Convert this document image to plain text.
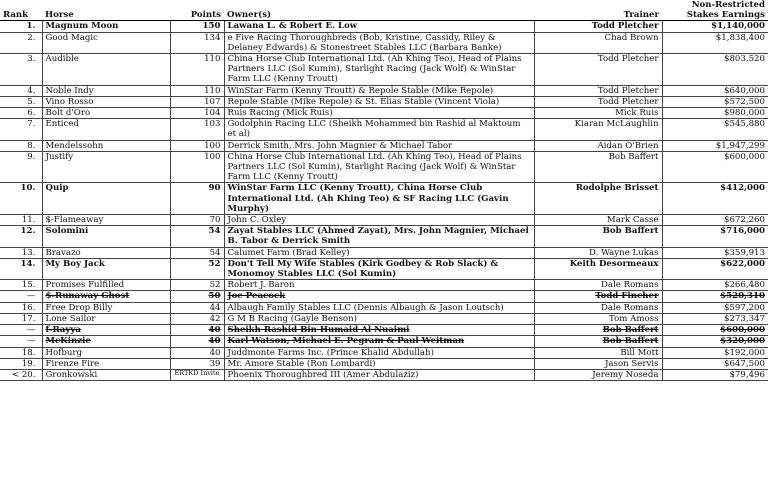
Rank	Horse	Points	Owner(s)	Trainer	Non-Restricted
Stakes Earnings

1.	Magnum Moon	150	Lawana L. & Robert E. Low	Todd Pletcher	$1,140,000
2.	Good Magic	134	e Five Racing Thoroughbreds (Bob, Kristine, Cassidy, Riley & Delaney Edwards) & Stonestreet Stables LLC (Barbara Banke)	Chad Brown	$1,838,400
3.	Audible	110	China Horse Club International Ltd. (Ah Khing Teo), Head of Plains Partners LLC (Sol Kumin), Starlight Racing (Jack Wolf) & WinStar Farm LLC (Kenny Troutt)	Todd Pletcher	$803,520
4.	Noble Indy	110	WinStar Farm (Kenny Troutt) & Repole Stable (Mike Repole)	Todd Pletcher	$640,000
5.	Vino Rosso	107	Repole Stable (Mike Repole) & St. Elias Stable (Vincent Viola)	Todd Pletcher	$572,500
6.	Bolt d'Oro	104	Ruis Racing (Mick Ruis)	Mick Ruis	$980,000
7.	Enticed	103	Godolphin Racing LLC (Sheikh Mohammed bin Rashid al Maktoum et al)	Kiaran McLaughlin	$545,880
8.	Mendelssohn	100	Derrick Smith, Mrs. John Magnier & Michael Tabor	Aidan O'Brien	$1,947,299
9.	Justify	100	China Horse Club International Ltd. (Ah Khing Teo), Head of Plains Partners LLC (Sol Kumin), Starlight Racing (Jack Wolf) & WinStar Farm LLC (Kenny Troutt)	Bob Baffert	$600,000
10.	Quip	90	WinStar Farm LLC (Kenny Troutt), China Horse Club International Ltd. (Ah Khing Teo) & SF Racing LLC (Gavin Murphy)	Rodolphe Brisset	$412,000
11.	$-Flameaway	70	John C. Oxley	Mark Casse	$672,260
12.	Solomini	54	Zayat Stables LLC (Ahmed Zayat), Mrs. John Magnier, Michael B. Tabor & Derrick Smith	Bob Baffert	$716,000
13.	Bravazo	54	Calumet Farm (Brad Kelley)	D. Wayne Lukas	$359,913
14.	My Boy Jack	52	Don't Tell My Wife Stables (Kirk Godbey & Rob Slack) & Monomoy Stables LLC (Sol Kumin)	Keith Desormeaux	$622,000
15.	Promises Fulfilled	52	Robert J. Baron	Dale Romans	$266,480
—	$-Runaway Ghost	50	Joe Peacock	Todd Fincher	$520,310
16.	Free Drop Billy	44	Albaugh Family Stables LLC (Dennis Albaugh & Jason Loutsch)	Dale Romans	$597,200
17.	Lone Sailor	42	G M B Racing (Gayle Benson)	Tom Amoss	$273,347
—	f-Rayya	40	Sheikh Rashid Bin Humaid Al Nuaimi	Bob Baffert	$600,000
—	McKinzie	40	Karl Watson, Michael E. Pegram & Paul Weitman	Bob Baffert	$320,000
18.	Hofburg	40	Juddmonte Farms Inc. (Prince Khalid Abdullah)	Bill Mott	$192,000
19.	Firenze Fire	39	Mr. Amore Stable (Ron Lombardi)	Jason Servis	$647,500
< 20.	Gronkowski	ERTKD Invite	Phoenix Thoroughbred III (Amer Abdulaziz)	Jeremy Noseda	$79,496
